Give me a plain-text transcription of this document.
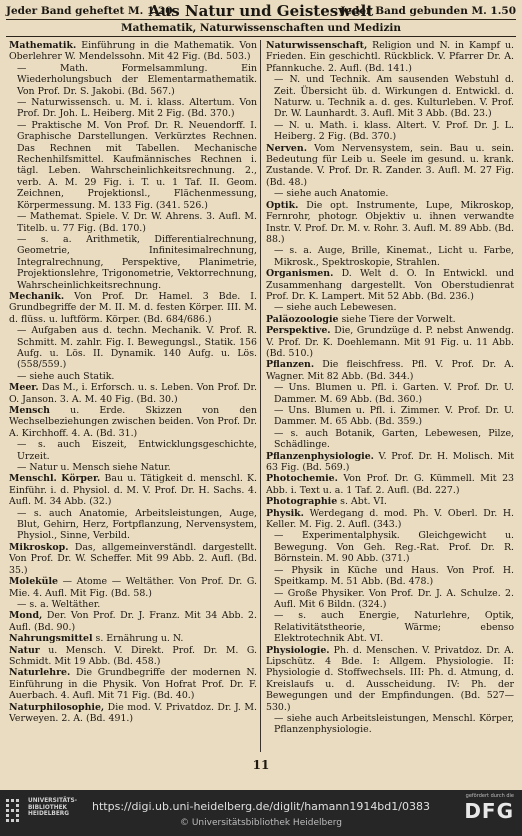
Jeder Band geheftet M. 1.20
Aus Natur und Geisteswelt
Jeder Band gebunden M. 1.50
Mathematik, Naturwissenschaften und Medizin

Mathematik. Einführung in die Mathematik. Von Oberlehrer W. Mendelssohn. Mit 42 Fig. (Bd. 503.)

— Math. Formelsammlung. Ein Wiederholungsbuch der Elementarmathematik. Von Prof. Dr. S. Jakobi. (Bd. 567.)

— Naturwissensch. u. M. i. klass. Altertum. Von Prof. Dr. Joh. L. Heiberg. Mit 2 Fig. (Bd. 370.)

— Praktische M. Von Prof. Dr. R. Neuendorff. I. Graphische Darstellungen. Verkürztes Rechnen. Das Rechnen mit Tabellen. Mechanische Rechenhilfsmittel. Kaufmännisches Rechnen i. tägl. Leben. Wahrscheinlichkeitsrechnung. 2., verb. A. M. 29 Fig. i. T. u. 1 Taf. II. Geom. Zeichnen, Projektionsl., Flächenmessung, Körpermessung. M. 133 Fig. (341. 526.)

— Mathemat. Spiele. V. Dr. W. Ahrens. 3. Aufl. M. Titelb. u. 77 Fig. (Bd. 170.)

— s. a. Arithmetik, Differentialrechnung, Geometrie, Infinitesimalrechnung, Integralrechnung, Perspektive, Planimetrie, Projektionslehre, Trigonometrie, Vektorrechnung, Wahrscheinlichkeitsrechnung.

Mechanik. Von Prof. Dr. Hamel. 3 Bde. I. Grundbegriffe der M. II. M. d. festen Körper. III. M. d. flüss. u. luftförm. Körper. (Bd. 684/686.)

— Aufgaben aus d. techn. Mechanik. V. Prof. R. Schmitt. M. zahlr. Fig. I. Bewegungsl., Statik. 156 Aufg. u. Lös. II. Dynamik. 140 Aufg. u. Lös. (558/559.)

— siehe auch Statik.

Meer. Das M., i. Erforsch. u. s. Leben. Von Prof. Dr. O. Janson. 3. A. M. 40 Fig. (Bd. 30.)

Mensch u. Erde. Skizzen von den Wechselbeziehungen zwischen beiden. Von Prof. Dr. A. Kirchhoff. 4. A. (Bd. 31.)

— s. auch Eiszeit, Entwicklungsgeschichte, Urzeit.

— Natur u. Mensch siehe Natur.

Menschl. Körper. Bau u. Tätigkeit d. menschl. K. Einführ. i. d. Physiol. d. M. V. Prof. Dr. H. Sachs. 4. Aufl. M. 34 Abb. (32.)

— s. auch Anatomie, Arbeitsleistungen, Auge, Blut, Gehirn, Herz, Fortpflanzung, Nervensystem, Physiol., Sinne, Verbild.

Mikroskop. Das, allgemeinverständl. dargestellt. Von Prof. Dr. W. Scheffer. Mit 99 Abb. 2. Aufl. (Bd. 35.)

Moleküle — Atome — Weltäther. Von Prof. Dr. G. Mie. 4. Aufl. Mit Fig. (Bd. 58.)

— s. a. Weltäther.

Mond, Der. Von Prof. Dr. J. Franz. Mit 34 Abb. 2. Aufl. (Bd. 90.)

Nahrungsmittel s. Ernährung u. N.

Natur u. Mensch. V. Direkt. Prof. Dr. M. G. Schmidt. Mit 19 Abb. (Bd. 458.)

Naturlehre. Die Grundbegriffe der modernen N. Einführung in die Physik. Von Hofrat Prof. Dr. F. Auerbach. 4. Aufl. Mit 71 Fig. (Bd. 40.)

Naturphilosophie, Die mod. V. Privatdoz. Dr. J. M. Verweyen. 2. A. (Bd. 491.)

Naturwissenschaft, Religion und N. in Kampf u. Frieden. Ein geschichtl. Rückblick. V. Pfarrer Dr. A. Pfannkuche. 2. Aufl. (Bd. 141.)

— N. und Technik. Am sausenden Webstuhl d. Zeit. Übersicht üb. d. Wirkungen d. Entwickl. d. Naturw. u. Technik a. d. ges. Kulturleben. V. Prof. Dr. W. Launhardt. 3. Aufl. Mit 3 Abb. (Bd. 23.)

— N. u. Math. i. klass. Altert. V. Prof. Dr. J. L. Heiberg. 2 Fig. (Bd. 370.)

Nerven. Vom Nervensystem, sein. Bau u. sein. Bedeutung für Leib u. Seele im gesund. u. krank. Zustande. V. Prof. Dr. R. Zander. 3. Aufl. M. 27 Fig. (Bd. 48.)

— siehe auch Anatomie.

Optik. Die opt. Instrumente, Lupe, Mikroskop, Fernrohr, photogr. Objektiv u. ihnen verwandte Instr. V. Prof. Dr. M. v. Rohr. 3. Aufl. M. 89 Abb. (Bd. 88.)

— s. a. Auge, Brille, Kinemat., Licht u. Farbe, Mikrosk., Spektroskopie, Strahlen.

Organismen. D. Welt d. O. In Entwickl. und Zusammenhang dargestellt. Von Oberstudienrat Prof. Dr. K. Lampert. Mit 52 Abb. (Bd. 236.)

— siehe auch Lebewesen.

Paläozoologie siehe Tiere der Vorwelt.

Perspektive. Die, Grundzüge d. P. nebst Anwendg. V. Prof. Dr. K. Doehlemann. Mit 91 Fig. u. 11 Abb. (Bd. 510.)

Pflanzen. Die fleischfress. Pfl. V. Prof. Dr. A. Wagner. Mit 82 Abb. (Bd. 344.)

— Uns. Blumen u. Pfl. i. Garten. V. Prof. Dr. U. Dammer. M. 69 Abb. (Bd. 360.)

— Uns. Blumen u. Pfl. i. Zimmer. V. Prof. Dr. U. Dammer. M. 65 Abb. (Bd. 359.)

— s. auch Botanik, Garten, Lebewesen, Pilze, Schädlinge.

Pflanzenphysiologie. V. Prof. Dr. H. Molisch. Mit 63 Fig. (Bd. 569.)

Photochemie. Von Prof. Dr. G. Kümmell. Mit 23 Abb. i. Text u. a. 1 Taf. 2. Aufl. (Bd. 227.)

Photographie s. Abt. VI.

Physik. Werdegang d. mod. Ph. V. Oberl. Dr. H. Keller. M. Fig. 2. Aufl. (343.)

— Experimentalphysik. Gleichgewicht u. Bewegung. Von Geh. Reg.-Rat. Prof. Dr. R. Börnstein. M. 90 Abb. (371.)

— Physik in Küche und Haus. Von Prof. H. Speitkamp. M. 51 Abb. (Bd. 478.)

— Große Physiker. Von Prof. Dr. J. A. Schulze. 2. Aufl. Mit 6 Bildn. (324.)

— s. auch Energie, Naturlehre, Optik, Relativitätstheorie, Wärme; ebenso Elektrotechnik Abt. VI.

Physiologie. Ph. d. Menschen. V. Privatdoz. Dr. A. Lipschütz. 4 Bde. I: Allgem. Physiologie. II: Physiologie d. Stoffwechsels. III: Ph. d. Atmung, d. Kreislaufs u. d. Ausscheidung. IV: Ph. der Bewegungen und der Empfindungen. (Bd. 527—530.)

— siehe auch Arbeitsleistungen, Menschl. Körper, Pflanzenphysiologie.

11
UNIVERSITÄTS-
BIBLIOTHEK
HEIDELBERG
https://digi.ub.uni-heidelberg.de/diglit/hamann1914bd1/0383
© Universitätsbibliothek Heidelberg
gefördert durch die
DFG
